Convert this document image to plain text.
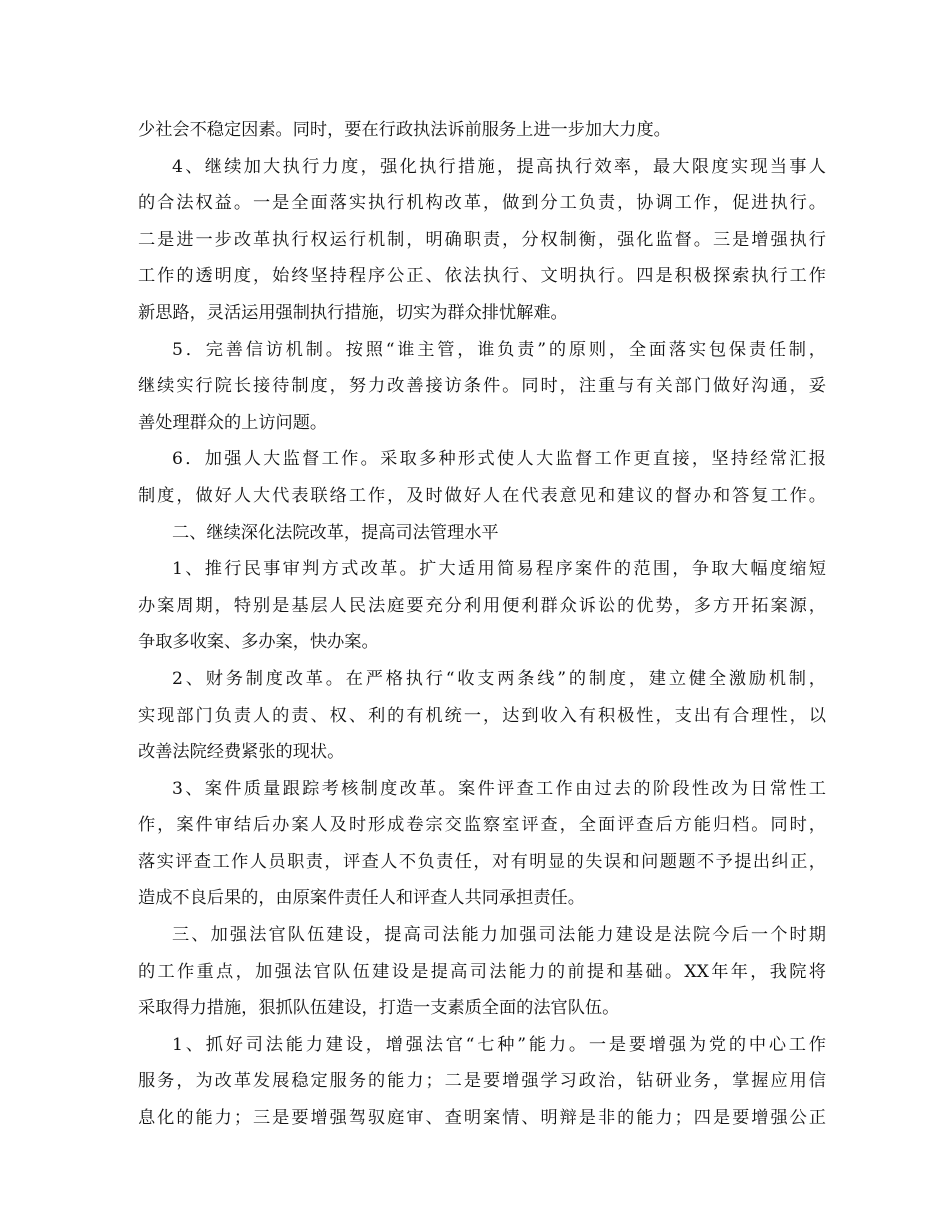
少社会不稳定因素。同时，要在行政执法诉前服务上进一步加大力度。
4、继续加大执行力度，强化执行措施，提高执行效率，最大限度实现当事人
的合法权益。一是全面落实执行机构改革，做到分工负责，协调工作，促进执行。
二是进一步改革执行权运行机制，明确职责，分权制衡，强化监督。三是增强执行
工作的透明度，始终坚持程序公正、依法执行、文明执行。四是积极探索执行工作
新思路，灵活运用强制执行措施，切实为群众排忧解难。
5．完善信访机制。按照“谁主管，谁负责”的原则，全面落实包保责任制，
继续实行院长接待制度，努力改善接访条件。同时，注重与有关部门做好沟通，妥
善处理群众的上访问题。
6．加强人大监督工作。采取多种形式使人大监督工作更直接，坚持经常汇报
制度，做好人大代表联络工作，及时做好人在代表意见和建议的督办和答复工作。
二、继续深化法院改革，提高司法管理水平
1、推行民事审判方式改革。扩大适用简易程序案件的范围，争取大幅度缩短
办案周期，特别是基层人民法庭要充分利用便利群众诉讼的优势，多方开拓案源，
争取多收案、多办案，快办案。
2、财务制度改革。在严格执行“收支两条线”的制度，建立健全激励机制，
实现部门负责人的责、权、利的有机统一，达到收入有积极性，支出有合理性，以
改善法院经费紧张的现状。
3、案件质量跟踪考核制度改革。案件评查工作由过去的阶段性改为日常性工
作，案件审结后办案人及时形成卷宗交监察室评查，全面评查后方能归档。同时，
落实评查工作人员职责，评查人不负责任，对有明显的失误和问题题不予提出纠正，
造成不良后果的，由原案件责任人和评查人共同承担责任。
三、加强法官队伍建设，提高司法能力加强司法能力建设是法院今后一个时期
的工作重点，加强法官队伍建设是提高司法能力的前提和基础。XX年年，我院将
采取得力措施，狠抓队伍建设，打造一支素质全面的法官队伍。
1、抓好司法能力建设，增强法官“七种”能力。一是要增强为党的中心工作
服务，为改革发展稳定服务的能力；二是要增强学习政治，钻研业务，掌握应用信
息化的能力；三是要增强驾驭庭审、查明案情、明辩是非的能力；四是要增强公正
